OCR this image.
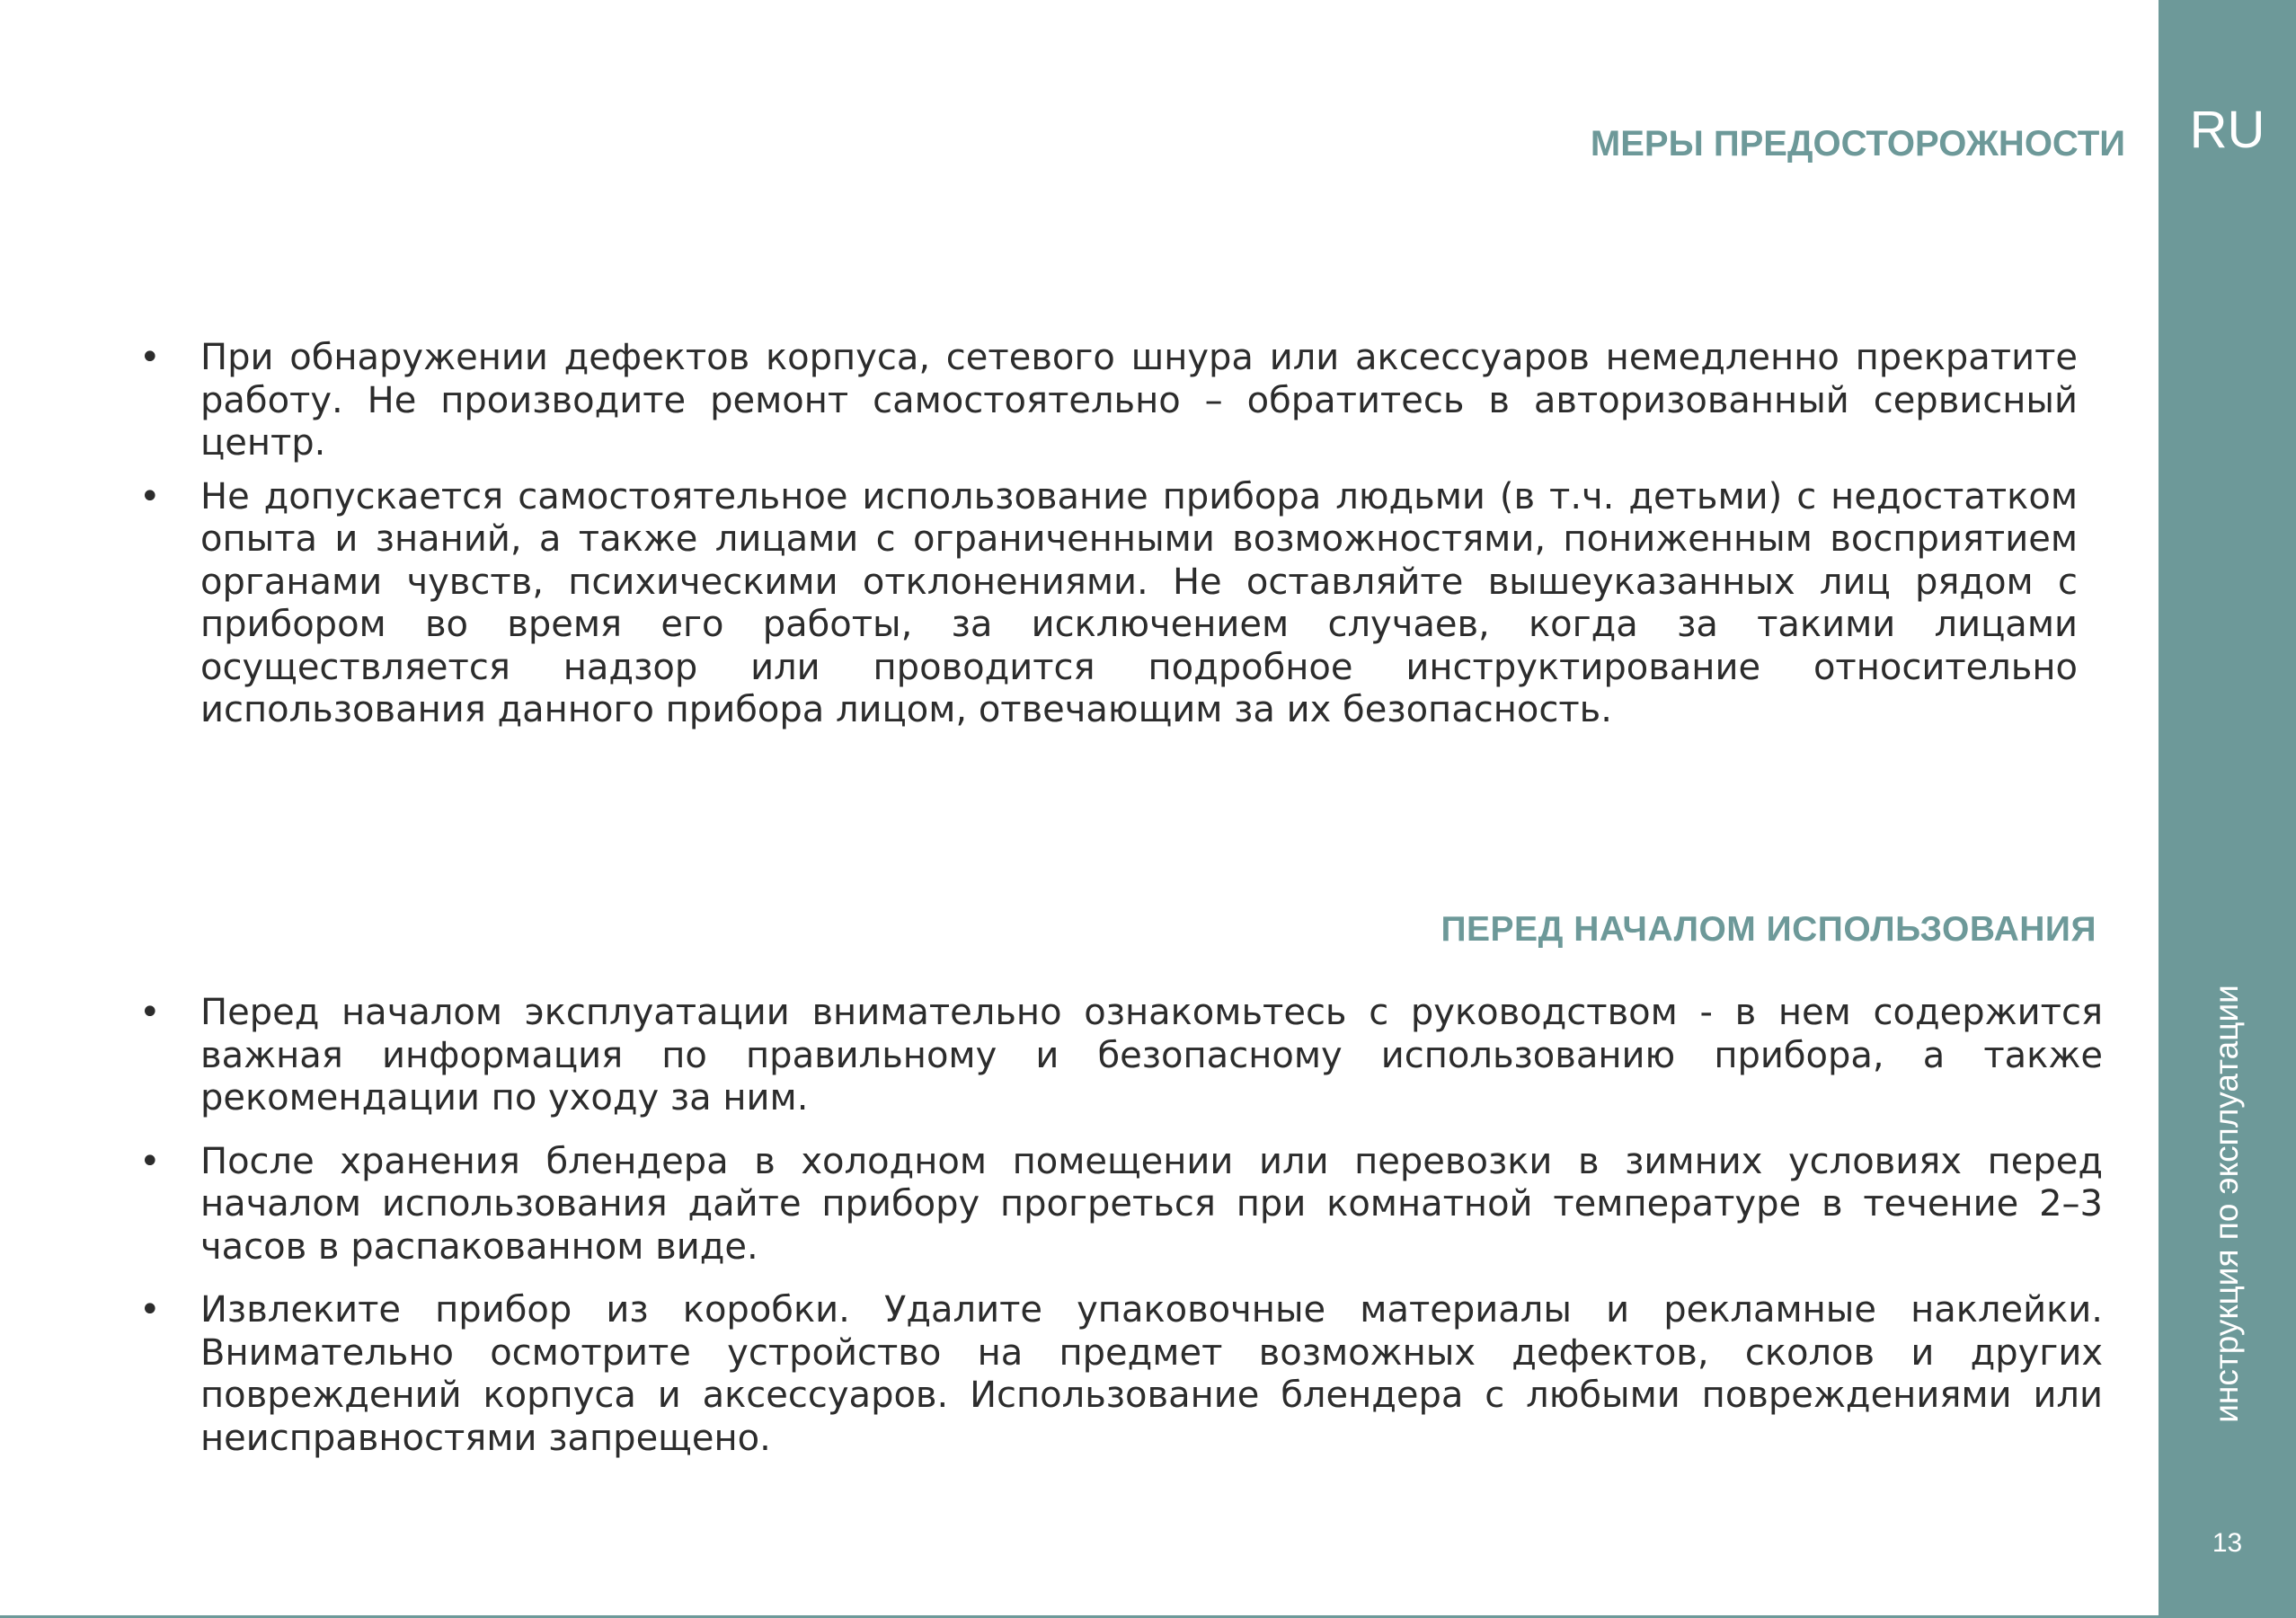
МЕРЫ ПРЕДОСТОРОЖНОСТИ
• При обнаружении дефектов корпуса, сетевого шнура или аксессуаров немедленно прекратите работу. Не производите ремонт самостоятельно – обратитесь в авторизованный сервисный центр.
• Не допускается самостоятельное использование прибора людьми (в т.ч. детьми) с недостатком опыта и знаний, а также лицами с ограниченными возможностями, пониженным восприятием органами чувств, психическими отклонениями. Не оставляйте вышеуказанных лиц рядом с прибором во время его работы, за исключением случаев, когда за такими лицами осуществляется надзор или проводится подробное инструктирование относительно использования данного прибора лицом, отвечающим за их безопасность.
ПЕРЕД НАЧАЛОМ ИСПОЛЬЗОВАНИЯ
• Перед началом эксплуатации внимательно ознакомьтесь с руководством - в нем содержится важная информация по правильному и безопасному использованию прибора, а также рекомендации по уходу за ним.
• После хранения блендера в холодном помещении или перевозки в зимних условиях перед началом использования дайте прибору прогреться при комнатной температуре в течение 2–3 часов в распакованном виде.
• Извлеките прибор из коробки. Удалите упаковочные материалы и рекламные наклейки. Внимательно осмотрите устройство на предмет возможных дефектов, сколов и других повреждений корпуса и аксессуаров. Использование блендера с любыми повреждениями или неисправностями запрещено.
RU
инструкция по эксплуатации
13
